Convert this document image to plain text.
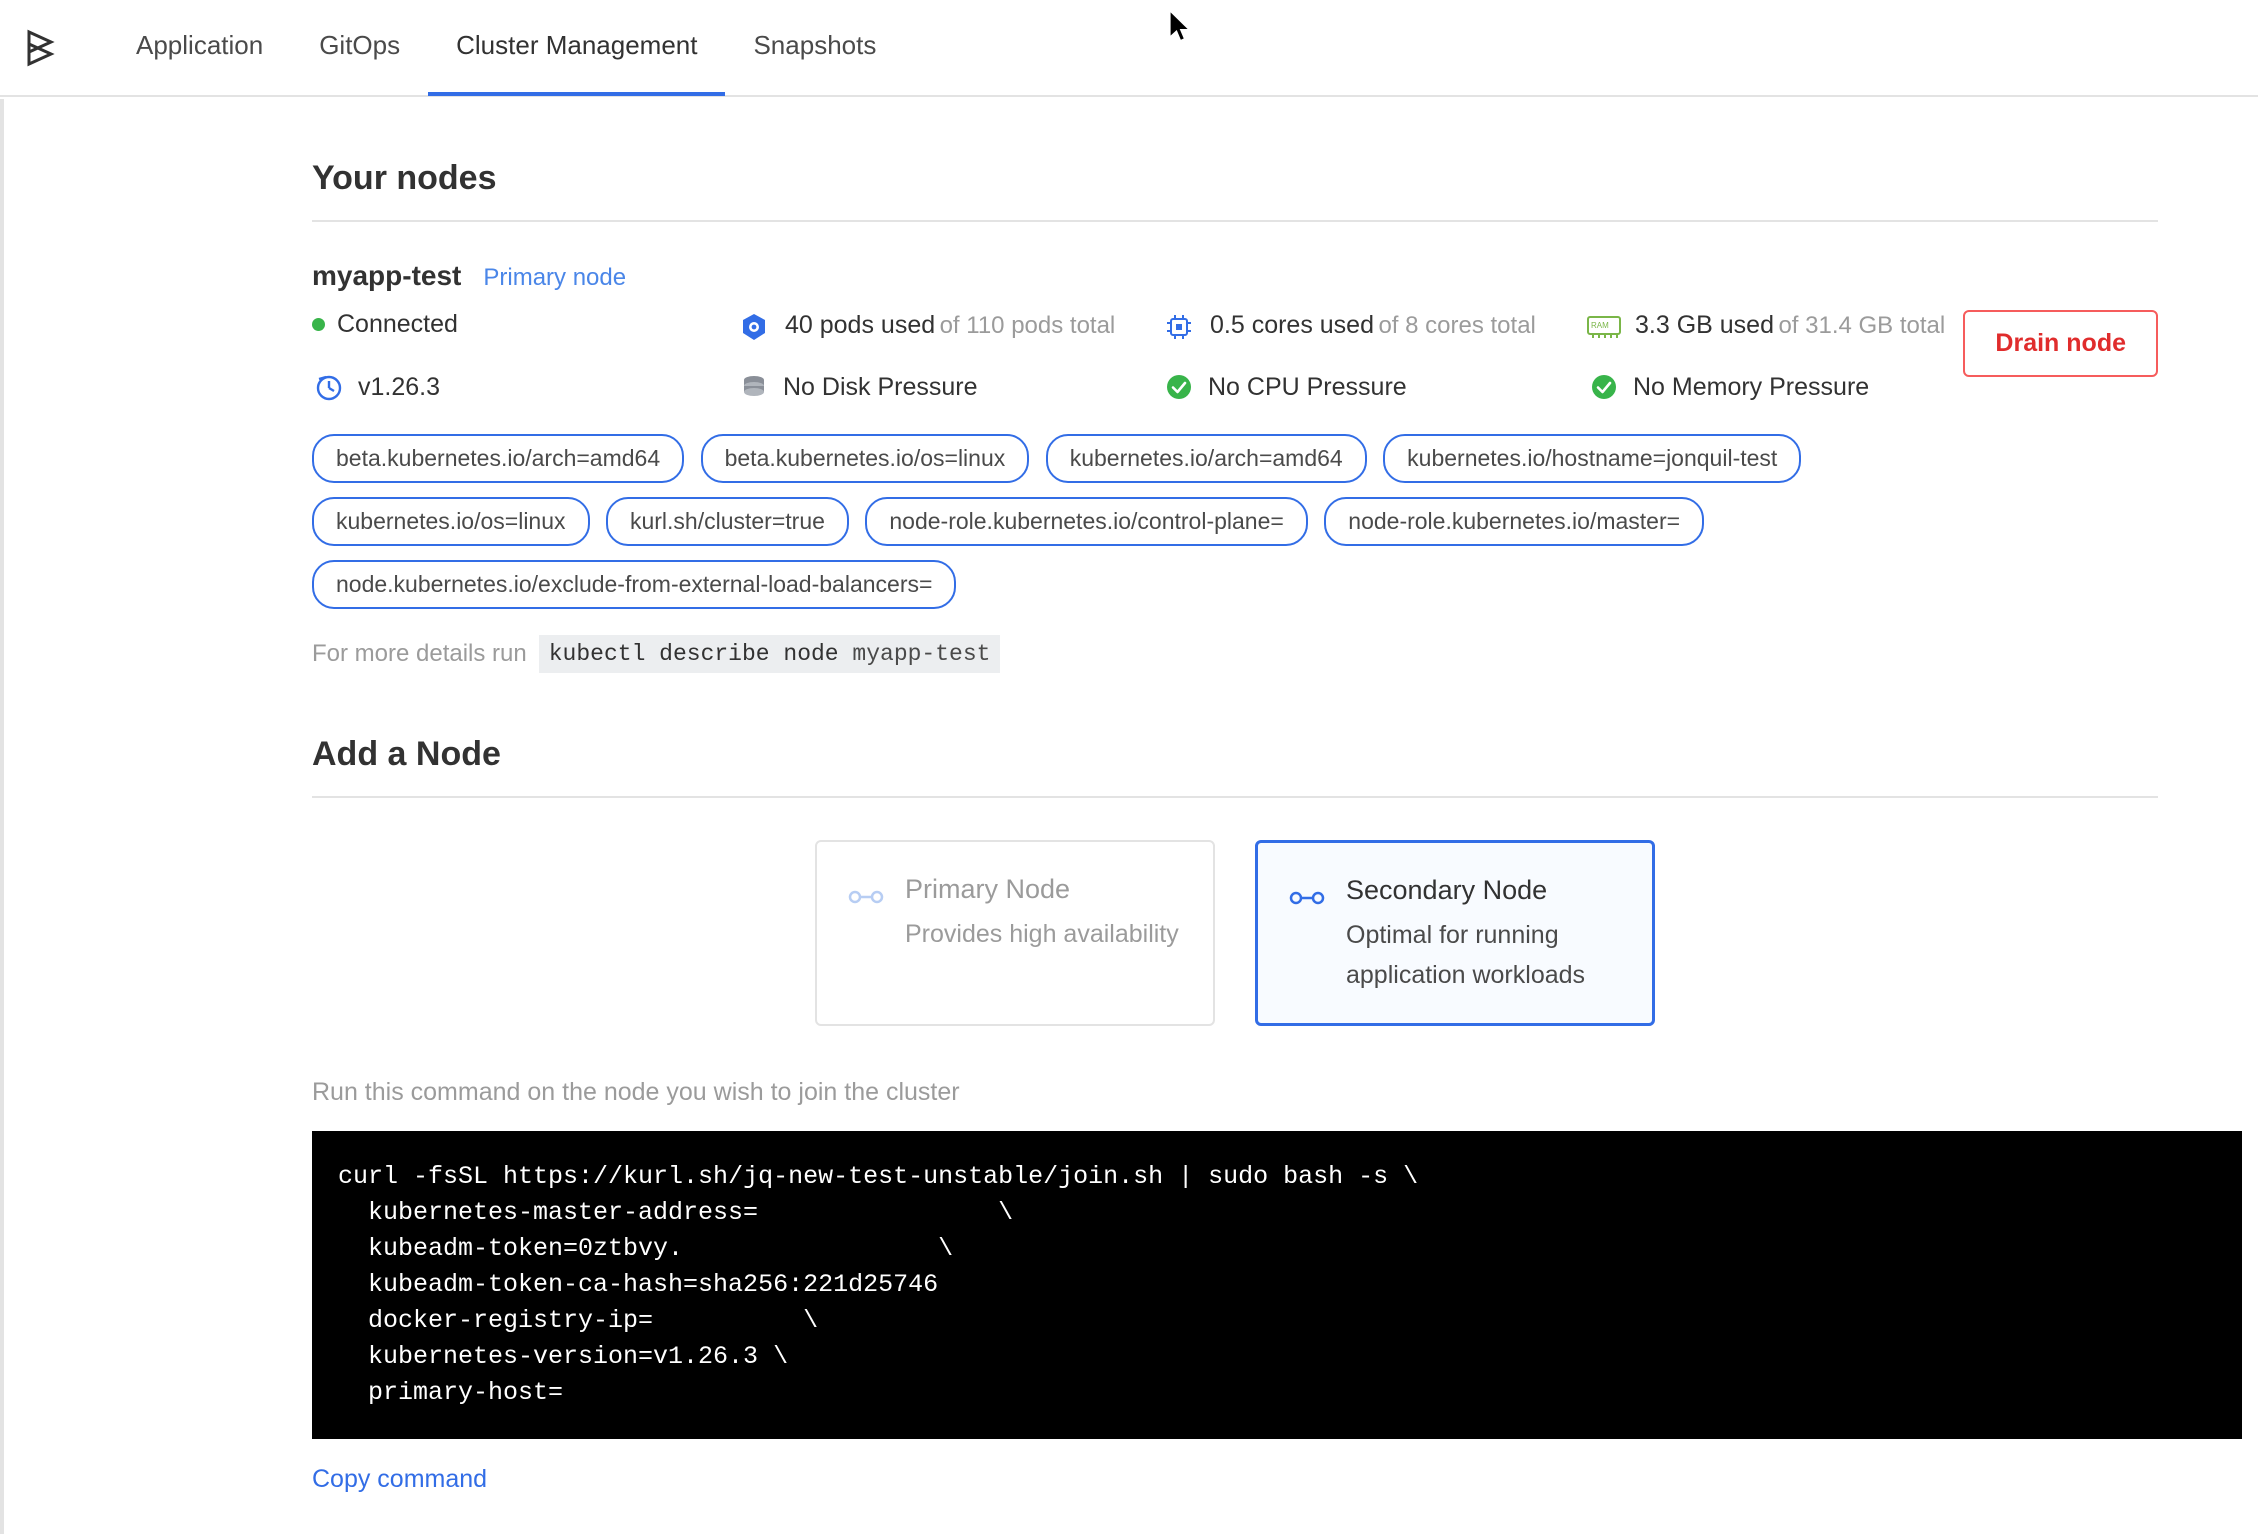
Application	GitOps	Cluster Management	Snapshots
Your nodes
myapp-test Primary node
Connected	40 pods used of 110 pods total	0.5 cores used of 8 cores total	RAM 3.3 GB used of 31.4 GB total
v1.26.3	No Disk Pressure	No CPU Pressure	No Memory Pressure
beta.kubernetes.io/arch=amd64	beta.kubernetes.io/os=linux	kubernetes.io/arch=amd64	kubernetes.io/hostname=jonquil-test
kubernetes.io/os=linux	kurl.sh/cluster=true	node-role.kubernetes.io/control-plane=	node-role.kubernetes.io/master=
node.kubernetes.io/exclude-from-external-load-balancers=
For more details run kubectl describe node myapp-test
Drain node
Add a Node
Primary Node
Provides high availability
Secondary Node
Optimal for running application workloads
Run this command on the node you wish to join the cluster
curl -fsSL https://kurl.sh/jq-new-test-unstable/join.sh | sudo bash -s \

kubernetes-master-address=                \
kubeadm-token=0ztbvy.                 \
kubeadm-token-ca-hash=sha256:221d25746
docker-registry-ip=          \
kubernetes-version=v1.26.3 \
primary-host=
Copy command
